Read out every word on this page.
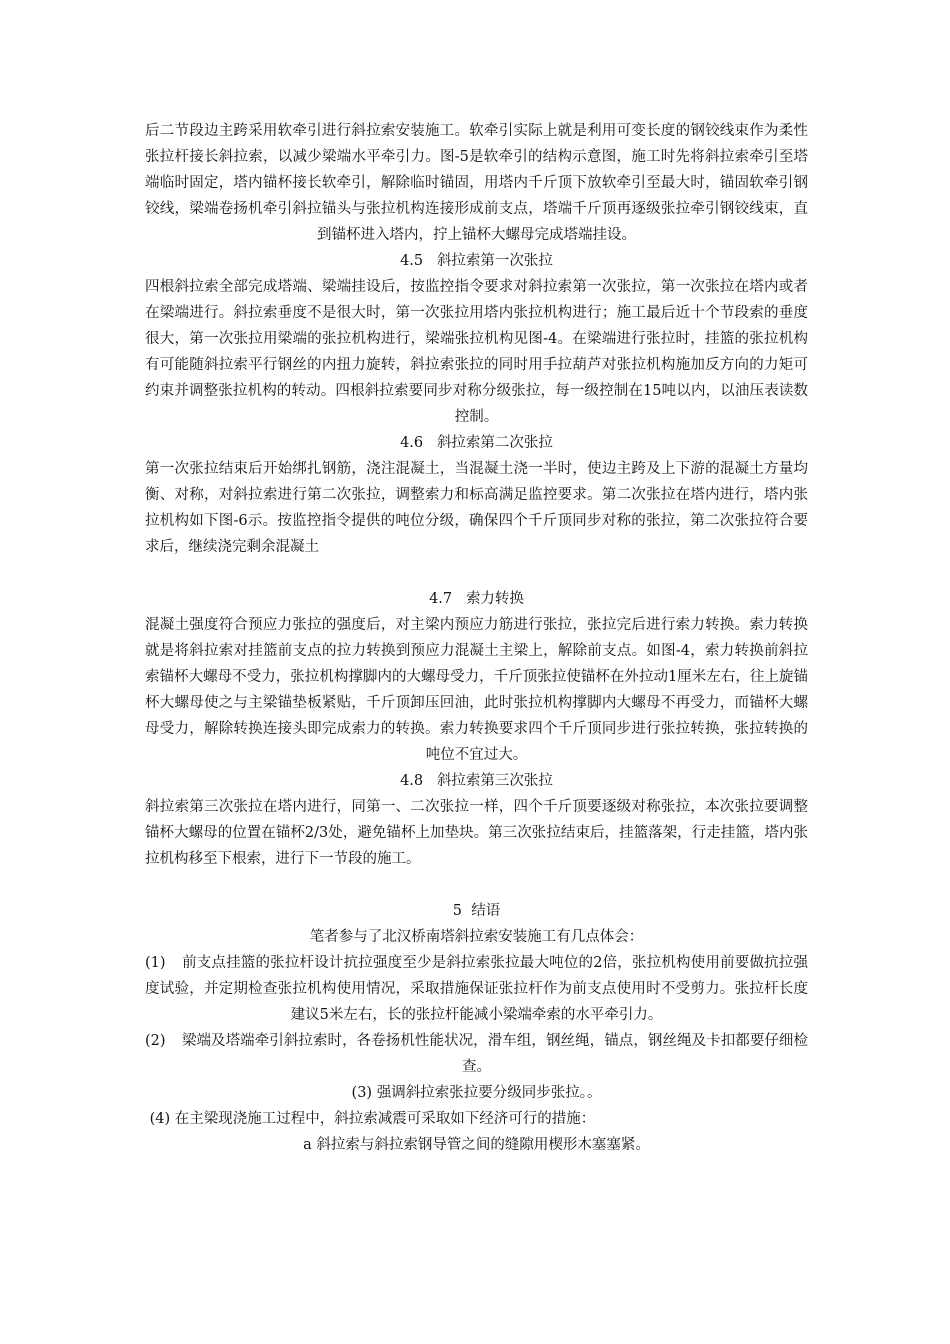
后二节段边主跨采用软牵引进行斜拉索安装施工。软牵引实际上就是利用可变长度的钢铰线束作为柔性张拉杆接长斜拉索，以减少梁端水平牵引力。图-5是软牵引的结构示意图，施工时先将斜拉索牵引至塔端临时固定，塔内锚杯接长软牵引，解除临时锚固，用塔内千斤顶下放软牵引至最大时，锚固软牵引钢铰线，梁端卷扬机牵引斜拉锚头与张拉机构连接形成前支点，塔端千斤顶再逐级张拉牵引钢铰线束，直到锚杯进入塔内，拧上锚杯大螺母完成塔端挂设。

4.5	斜拉索第一次张拉

四根斜拉索全部完成塔端、梁端挂设后，按监控指令要求对斜拉索第一次张拉，第一次张拉在塔内或者在梁端进行。斜拉索垂度不是很大时，第一次张拉用塔内张拉机构进行；施工最后近十个节段索的垂度很大，第一次张拉用梁端的张拉机构进行，梁端张拉机构见图-4。在梁端进行张拉时，挂篮的张拉机构有可能随斜拉索平行钢丝的内扭力旋转，斜拉索张拉的同时用手拉葫芦对张拉机构施加反方向的力矩可约束并调整张拉机构的转动。四根斜拉索要同步对称分级张拉，每一级控制在15吨以内，以油压表读数控制。

4.6	斜拉索第二次张拉

第一次张拉结束后开始绑扎钢筋，浇注混凝土，当混凝土浇一半时，使边主跨及上下游的混凝土方量均衡、对称，对斜拉索进行第二次张拉，调整索力和标高满足监控要求。第二次张拉在塔内进行，塔内张拉机构如下图-6示。按监控指令提供的吨位分级，确保四个千斤顶同步对称的张拉，第二次张拉符合要求后，继续浇完剩余混凝土

4.7	索力转换

混凝土强度符合预应力张拉的强度后，对主梁内预应力筋进行张拉，张拉完后进行索力转换。索力转换就是将斜拉索对挂篮前支点的拉力转换到预应力混凝土主梁上，解除前支点。如图-4，索力转换前斜拉索锚杯大螺母不受力，张拉机构撑脚内的大螺母受力，千斤顶张拉使锚杯在外拉动1厘米左右，往上旋锚杯大螺母使之与主梁锚垫板紧贴，千斤顶卸压回油，此时张拉机构撑脚内大螺母不再受力，而锚杯大螺母受力，解除转换连接头即完成索力的转换。索力转换要求四个千斤顶同步进行张拉转换，张拉转换的吨位不宜过大。

4.8	斜拉索第三次张拉

斜拉索第三次张拉在塔内进行，同第一、二次张拉一样，四个千斤顶要逐级对称张拉，本次张拉要调整锚杯大螺母的位置在锚杯2/3处，避免锚杯上加垫块。第三次张拉结束后，挂篮落架，行走挂篮，塔内张拉机构移至下根索，进行下一节段的施工。

5	结语

笔者参与了北汉桥南塔斜拉索安装施工有几点体会：

(1)	前支点挂篮的张拉杆设计抗拉强度至少是斜拉索张拉最大吨位的2倍，张拉机构使用前要做抗拉强度试验，并定期检查张拉机构使用情况，采取措施保证张拉杆作为前支点使用时不受剪力。张拉杆长度建议5米左右，长的张拉杆能减小梁端牵索的水平牵引力。

(2)	梁端及塔端牵引斜拉索时，各卷扬机性能状况，滑车组，钢丝绳，锚点，钢丝绳及卡扣都要仔细检查。

(3) 强调斜拉索张拉要分级同步张拉。。

(4) 在主梁现浇施工过程中，斜拉索减震可采取如下经济可行的措施：

a 斜拉索与斜拉索钢导管之间的缝隙用楔形木塞塞紧。
